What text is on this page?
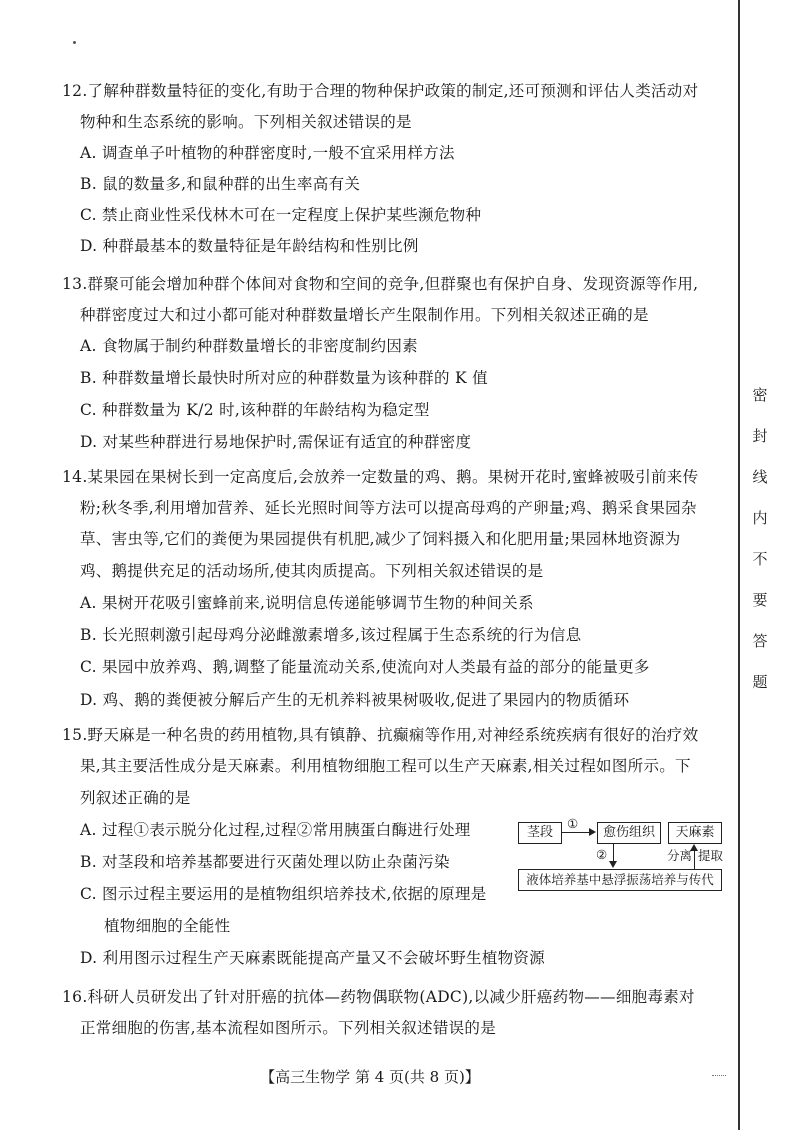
12.了解种群数量特征的变化,有助于合理的物种保护政策的制定,还可预测和评估人类活动对
物种和生态系统的影响。下列相关叙述错误的是
A. 调查单子叶植物的种群密度时,一般不宜采用样方法
B. 鼠的数量多,和鼠种群的出生率高有关
C. 禁止商业性采伐林木可在一定程度上保护某些濒危物种
D. 种群最基本的数量特征是年龄结构和性别比例
13.群聚可能会增加种群个体间对食物和空间的竞争,但群聚也有保护自身、发现资源等作用,
种群密度过大和过小都可能对种群数量增长产生限制作用。下列相关叙述正确的是
A. 食物属于制约种群数量增长的非密度制约因素
B. 种群数量增长最快时所对应的种群数量为该种群的 K 值
C. 种群数量为 K/2 时,该种群的年龄结构为稳定型
D. 对某些种群进行易地保护时,需保证有适宜的种群密度
14.某果园在果树长到一定高度后,会放养一定数量的鸡、鹅。果树开花时,蜜蜂被吸引前来传
粉;秋冬季,利用增加营养、延长光照时间等方法可以提高母鸡的产卵量;鸡、鹅采食果园杂
草、害虫等,它们的粪便为果园提供有机肥,减少了饲料摄入和化肥用量;果园林地资源为
鸡、鹅提供充足的活动场所,使其肉质提高。下列相关叙述错误的是
A. 果树开花吸引蜜蜂前来,说明信息传递能够调节生物的种间关系
B. 长光照刺激引起母鸡分泌雌激素增多,该过程属于生态系统的行为信息
C. 果园中放养鸡、鹅,调整了能量流动关系,使流向对人类最有益的部分的能量更多
D. 鸡、鹅的粪便被分解后产生的无机养料被果树吸收,促进了果园内的物质循环
15.野天麻是一种名贵的药用植物,具有镇静、抗癫痫等作用,对神经系统疾病有很好的治疗效
果,其主要活性成分是天麻素。利用植物细胞工程可以生产天麻素,相关过程如图所示。下
列叙述正确的是
A. 过程①表示脱分化过程,过程②常用胰蛋白酶进行处理
B. 对茎段和培养基都要进行灭菌处理以防止杂菌污染
C. 图示过程主要运用的是植物组织培养技术,依据的原理是
植物细胞的全能性
D. 利用图示过程生产天麻素既能提高产量又不会破坏野生植物资源
茎段
①
愈伤组织	天麻素
②	分离 提取
液体培养基中悬浮振荡培养与传代
16.科研人员研发出了针对肝癌的抗体—药物偶联物(ADC),以减少肝癌药物——细胞毒素对
正常细胞的伤害,基本流程如图所示。下列相关叙述错误的是
密
封
线
内
不
要
答
题
【高三生物学 第 4 页(共 8 页)】
